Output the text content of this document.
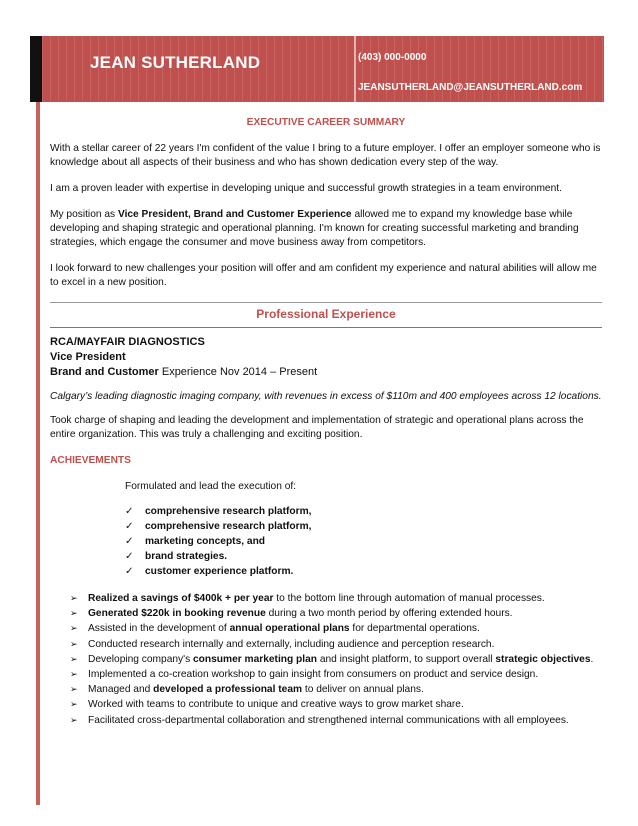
JEAN SUTHERLAND	(403) 000-0000
JEANSUTHERLAND@JEANSUTHERLAND.com
EXECUTIVE CAREER SUMMARY

With a stellar career of 22 years I'm confident of the value I bring to a future employer. I offer an employer someone who is knowledge about all aspects of their business and who has shown dedication every step of the way.

I am a proven leader with expertise in developing unique and successful growth strategies in a team environment.

My position as Vice President, Brand and Customer Experience allowed me to expand my knowledge base while developing and shaping strategic and operational planning. I'm known for creating successful marketing and branding strategies, which engage the consumer and move business away from competitors.

I look forward to new challenges your position will offer and am confident my experience and natural abilities will allow me to excel in a new position.

Professional Experience
RCA/MAYFAIR DIAGNOSTICS
Vice President
Brand and Customer Experience Nov 2014 – Present

Calgary’s leading diagnostic imaging company, with revenues in excess of $110m and 400 employees across 12 locations.

Took charge of shaping and leading the development and implementation of strategic and operational plans across the entire organization. This was truly a challenging and exciting position.

ACHIEVEMENTS
Formulated and lead the execution of:
✓ comprehensive research platform,
✓ comprehensive research platform,
✓ marketing concepts, and
✓ brand strategies.
✓ customer experience platform.
➢ Realized a savings of $400k + per year to the bottom line through automation of manual processes.
➢ Generated $220k in booking revenue during a two month period by offering extended hours.
➢ Assisted in the development of annual operational plans for departmental operations.
➢ Conducted research internally and externally, including audience and perception research.
➢ Developing company's consumer marketing plan and insight platform, to support overall strategic objectives.
➢ Implemented a co-creation workshop to gain insight from consumers on product and service design.
➢ Managed and developed a professional team to deliver on annual plans.
➢ Worked with teams to contribute to unique and creative ways to grow market share.
➢ Facilitated cross-departmental collaboration and strengthened internal communications with all employees.
